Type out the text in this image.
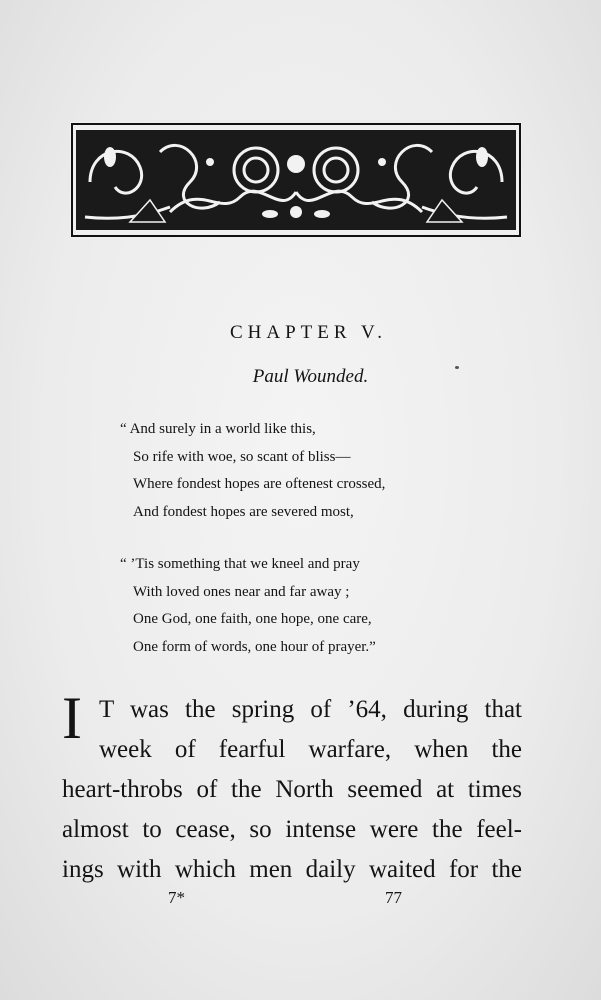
CHAPTER V.
Paul Wounded.
“ And surely in a world like this,
So rife with woe, so scant of bliss—
Where fondest hopes are oftenest crossed,
And fondest hopes are severed most,
“ ’Tis something that we kneel and pray
With loved ones near and far away ;
One God, one faith, one hope, one care,
One form of words, one hour of prayer.”
I T was the spring of ’64, during that
week of fearful warfare, when the
heart-throbs of the North seemed at times
almost to cease, so intense were the feel-
ings with which men daily waited for the
7*	77
